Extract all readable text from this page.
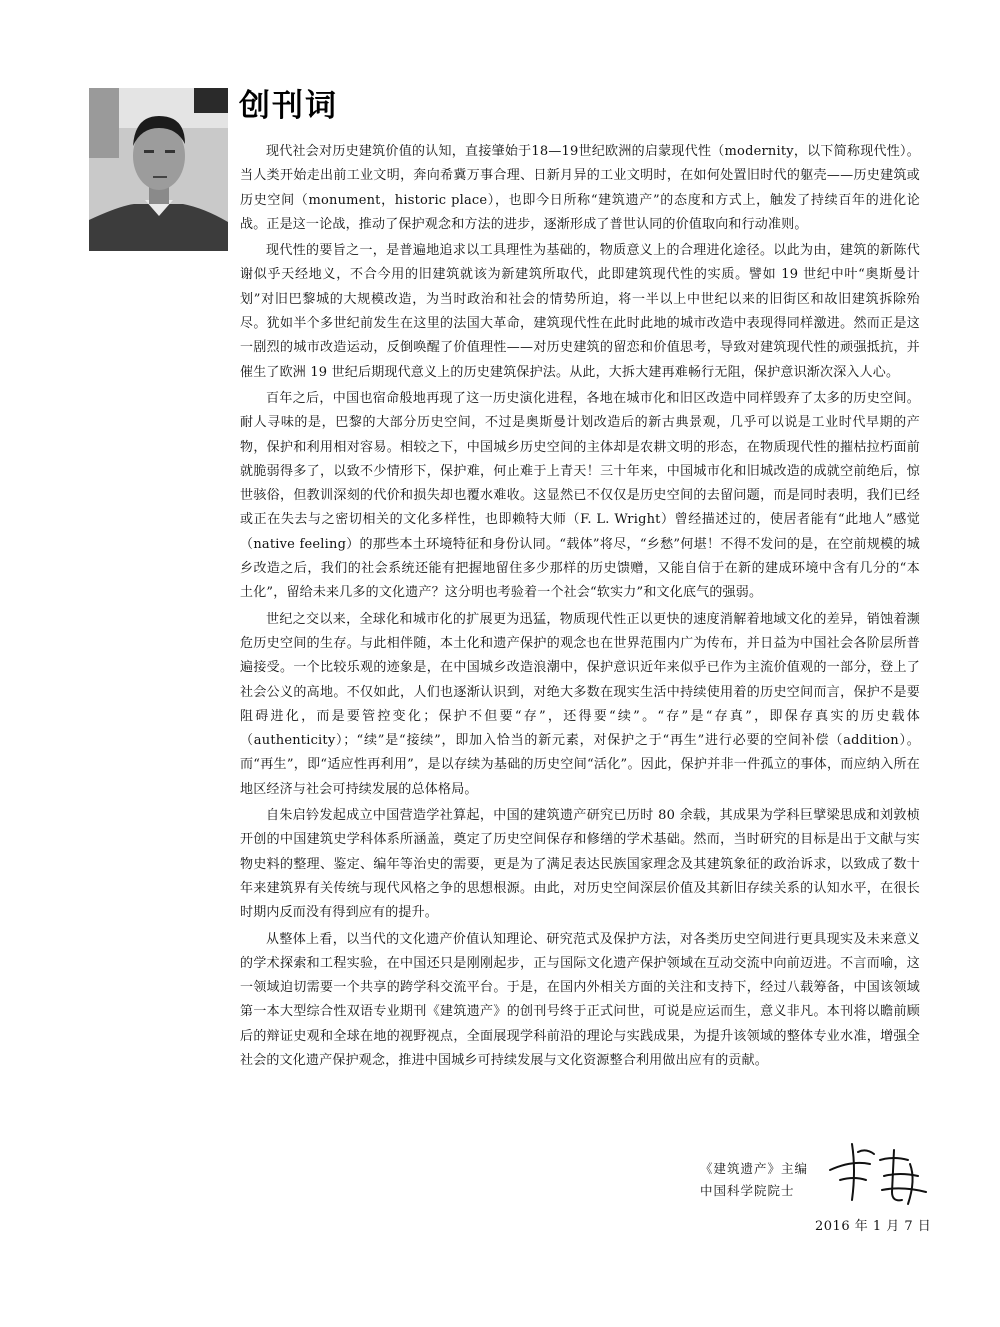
创刊词

现代社会对历史建筑价值的认知，直接肇始于18—19世纪欧洲的启蒙现代性（modernity，以下简称现代性）。当人类开始走出前工业文明，奔向希冀万事合理、日新月异的工业文明时，在如何处置旧时代的躯壳——历史建筑或历史空间（monument，historic place），也即今日所称“建筑遗产”的态度和方式上，触发了持续百年的进化论战。正是这一论战，推动了保护观念和方法的进步，逐渐形成了普世认同的价值取向和行动准则。

现代性的要旨之一，是普遍地追求以工具理性为基础的，物质意义上的合理进化途径。以此为由，建筑的新陈代谢似乎天经地义，不合今用的旧建筑就该为新建筑所取代，此即建筑现代性的实质。譬如 19 世纪中叶“奥斯曼计划”对旧巴黎城的大规模改造，为当时政治和社会的情势所迫，将一半以上中世纪以来的旧街区和故旧建筑拆除殆尽。犹如半个多世纪前发生在这里的法国大革命，建筑现代性在此时此地的城市改造中表现得同样激进。然而正是这一剧烈的城市改造运动，反倒唤醒了价值理性——对历史建筑的留恋和价值思考，导致对建筑现代性的顽强抵抗，并催生了欧洲 19 世纪后期现代意义上的历史建筑保护法。从此，大拆大建再难畅行无阻，保护意识渐次深入人心。

百年之后，中国也宿命般地再现了这一历史演化进程，各地在城市化和旧区改造中同样毁弃了太多的历史空间。耐人寻味的是，巴黎的大部分历史空间，不过是奥斯曼计划改造后的新古典景观，几乎可以说是工业时代早期的产物，保护和利用相对容易。相较之下，中国城乡历史空间的主体却是农耕文明的形态，在物质现代性的摧枯拉朽面前就脆弱得多了，以致不少情形下，保护难，何止难于上青天！三十年来，中国城市化和旧城改造的成就空前绝后，惊世骇俗，但教训深刻的代价和损失却也覆水难收。这显然已不仅仅是历史空间的去留问题，而是同时表明，我们已经或正在失去与之密切相关的文化多样性，也即赖特大师（F. L. Wright）曾经描述过的，使居者能有“此地人”感觉（native feeling）的那些本土环境特征和身份认同。“载体”将尽，“乡愁”何堪！不得不发问的是，在空前规模的城乡改造之后，我们的社会系统还能有把握地留住多少那样的历史馈赠，又能自信于在新的建成环境中含有几分的“本土化”，留给未来几多的文化遗产？这分明也考验着一个社会“软实力”和文化底气的强弱。

世纪之交以来，全球化和城市化的扩展更为迅猛，物质现代性正以更快的速度消解着地域文化的差异，销蚀着濒危历史空间的生存。与此相伴随，本土化和遗产保护的观念也在世界范围内广为传布，并日益为中国社会各阶层所普遍接受。一个比较乐观的迹象是，在中国城乡改造浪潮中，保护意识近年来似乎已作为主流价值观的一部分，登上了社会公义的高地。不仅如此，人们也逐渐认识到，对绝大多数在现实生活中持续使用着的历史空间而言，保护不是要阻碍进化，而是要管控变化；保护不但要“存”，还得要“续”。“存”是“存真”，即保存真实的历史载体（authenticity）；“续”是“接续”，即加入恰当的新元素，对保护之于“再生”进行必要的空间补偿（addition）。而“再生”，即“适应性再利用”，是以存续为基础的历史空间“活化”。因此，保护并非一件孤立的事体，而应纳入所在地区经济与社会可持续发展的总体格局。

自朱启钤发起成立中国营造学社算起，中国的建筑遗产研究已历时 80 余载，其成果为学科巨擘梁思成和刘敦桢开创的中国建筑史学科体系所涵盖，奠定了历史空间保存和修缮的学术基础。然而，当时研究的目标是出于文献与实物史料的整理、鉴定、编年等治史的需要，更是为了满足表达民族国家理念及其建筑象征的政治诉求，以致成了数十年来建筑界有关传统与现代风格之争的思想根源。由此，对历史空间深层价值及其新旧存续关系的认知水平，在很长时期内反而没有得到应有的提升。

从整体上看，以当代的文化遗产价值认知理论、研究范式及保护方法，对各类历史空间进行更具现实及未来意义的学术探索和工程实验，在中国还只是刚刚起步，正与国际文化遗产保护领域在互动交流中向前迈进。不言而喻，这一领域迫切需要一个共享的跨学科交流平台。于是，在国内外相关方面的关注和支持下，经过八载筹备，中国该领域第一本大型综合性双语专业期刊《建筑遗产》的创刊号终于正式问世，可说是应运而生，意义非凡。本刊将以瞻前顾后的辩证史观和全球在地的视野视点，全面展现学科前沿的理论与实践成果，为提升该领域的整体专业水准，增强全社会的文化遗产保护观念，推进中国城乡可持续发展与文化资源整合利用做出应有的贡献。

《建筑遗产》主编
中国科学院院士
2016 年 1 月 7 日
